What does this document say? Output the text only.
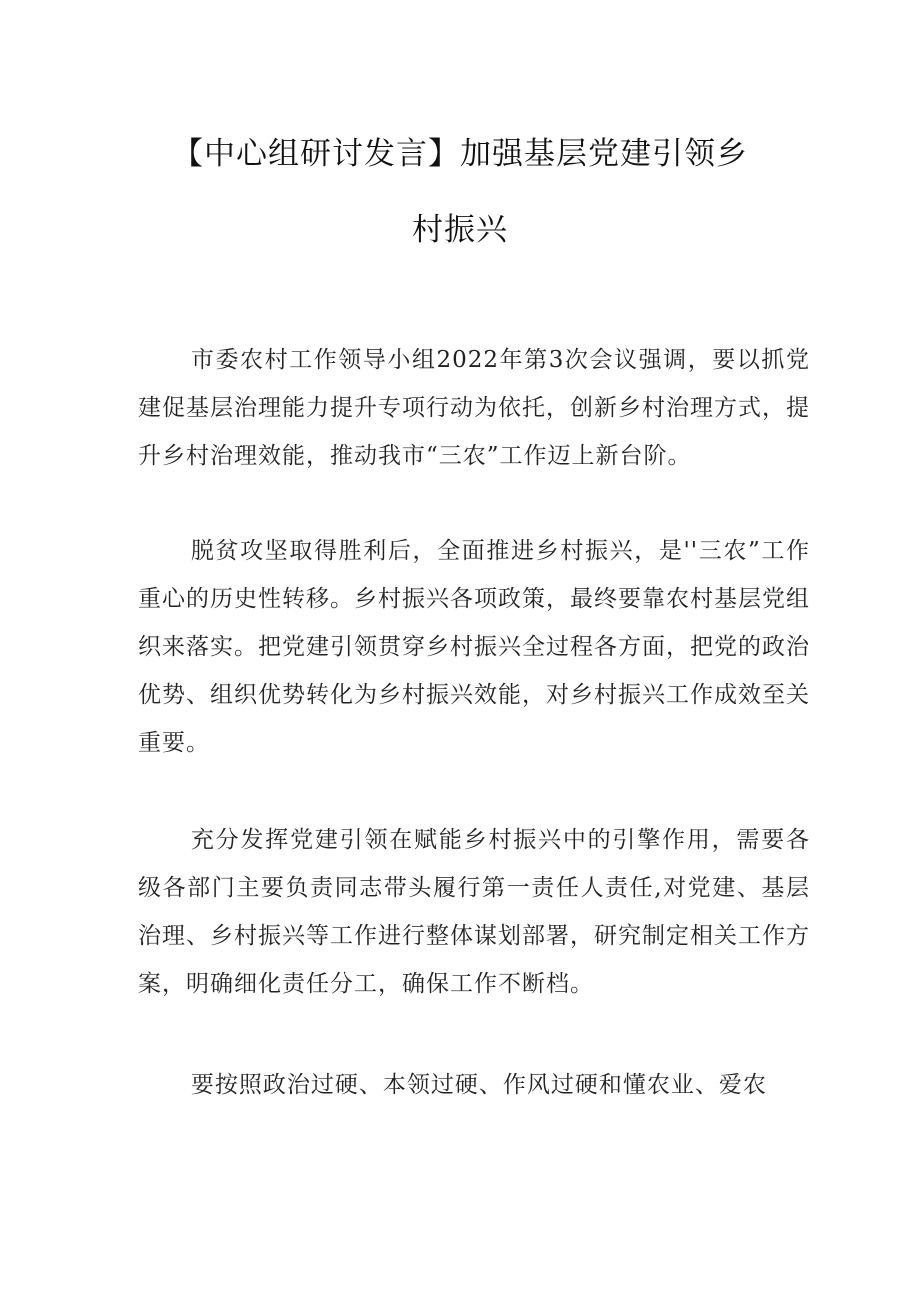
【中心组研讨发言】加强基层党建引领乡
村振兴

市委农村工作领导小组2022年第3次会议强调，要以抓党建促基层治理能力提升专项行动为依托，创新乡村治理方式，提升乡村治理效能，推动我市“三农”工作迈上新台阶。

脱贫攻坚取得胜利后，全面推进乡村振兴，是''三农”工作重心的历史性转移。乡村振兴各项政策，最终要靠农村基层党组织来落实。把党建引领贯穿乡村振兴全过程各方面，把党的政治优势、组织优势转化为乡村振兴效能，对乡村振兴工作成效至关重要。

充分发挥党建引领在赋能乡村振兴中的引擎作用，需要各级各部门主要负责同志带头履行第一责任人责任,对党建、基层治理、乡村振兴等工作进行整体谋划部署，研究制定相关工作方案，明确细化责任分工，确保工作不断档。

要按照政治过硬、本领过硬、作风过硬和懂农业、爱农
